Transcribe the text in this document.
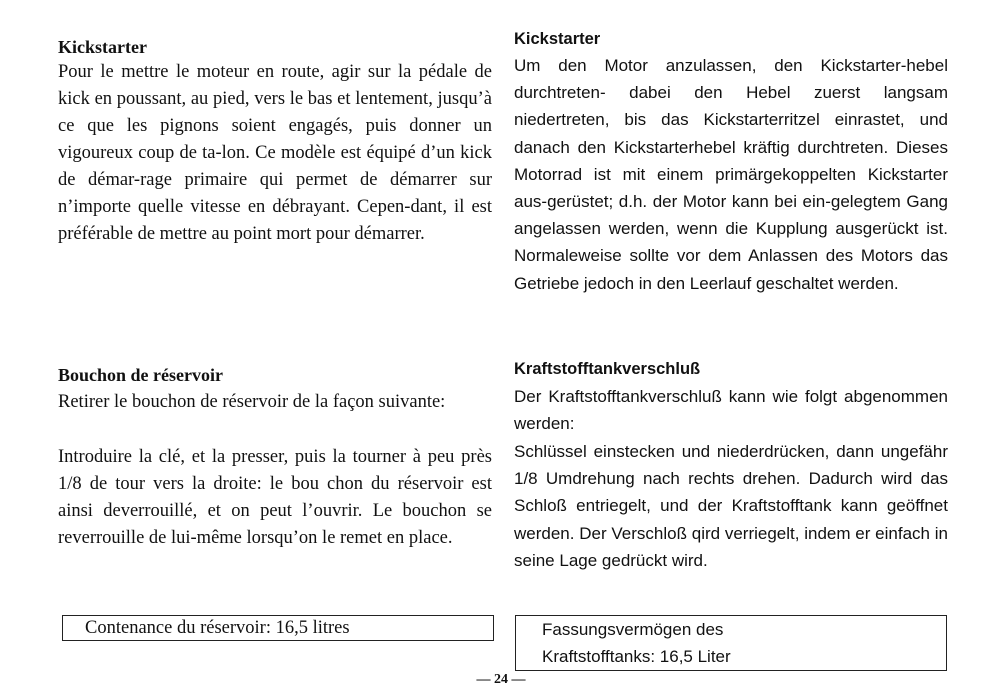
Kickstarter

Pour le mettre le moteur en route, agir sur la pédale de kick en poussant, au pied, vers le bas et lentement, jusqu’à ce que les pignons soient engagés, puis donner un vigoureux coup de ta-lon. Ce modèle est équipé d’un kick de démar-rage primaire qui permet de démarrer sur n’importe quelle vitesse en débrayant. Cepen-dant, il est préférable de mettre au point mort pour démarrer.

Bouchon de réservoir

Retirer le bouchon de réservoir de la façon suivante:

Introduire la clé, et la presser, puis la tourner à peu près 1/8 de tour vers la droite: le bou chon du réservoir est ainsi deverrouillé, et on peut l’ouvrir. Le bouchon se reverrouille de lui-même lorsqu’on le remet en place.

Kickstarter

Um den Motor anzulassen, den Kickstarter-hebel durchtreten- dabei den Hebel zuerst langsam niedertreten, bis das Kickstarterritzel einrastet, und danach den Kickstarterhebel kräftig durchtreten. Dieses Motorrad ist mit einem primärgekoppelten Kickstarter aus-gerüstet; d.h. der Motor kann bei ein-gelegtem Gang angelassen werden, wenn die Kupplung ausgerückt ist. Normaleweise sollte vor dem Anlassen des Motors das Getriebe jedoch in den Leerlauf geschaltet werden.

Kraftstofftankverschluß

Der Kraftstofftankverschluß kann wie folgt abgenommen werden:

Schlüssel einstecken und niederdrücken, dann ungefähr 1/8 Umdrehung nach rechts drehen. Dadurch wird das Schloß entriegelt, und der Kraftstofftank kann geöffnet werden. Der Verschloß qird verriegelt, indem er einfach in seine Lage gedrückt wird.

Contenance du réservoir: 16,5 litres	Fassungsvermögen des
Kraftstofftanks: 16,5 Liter
— 24 —
